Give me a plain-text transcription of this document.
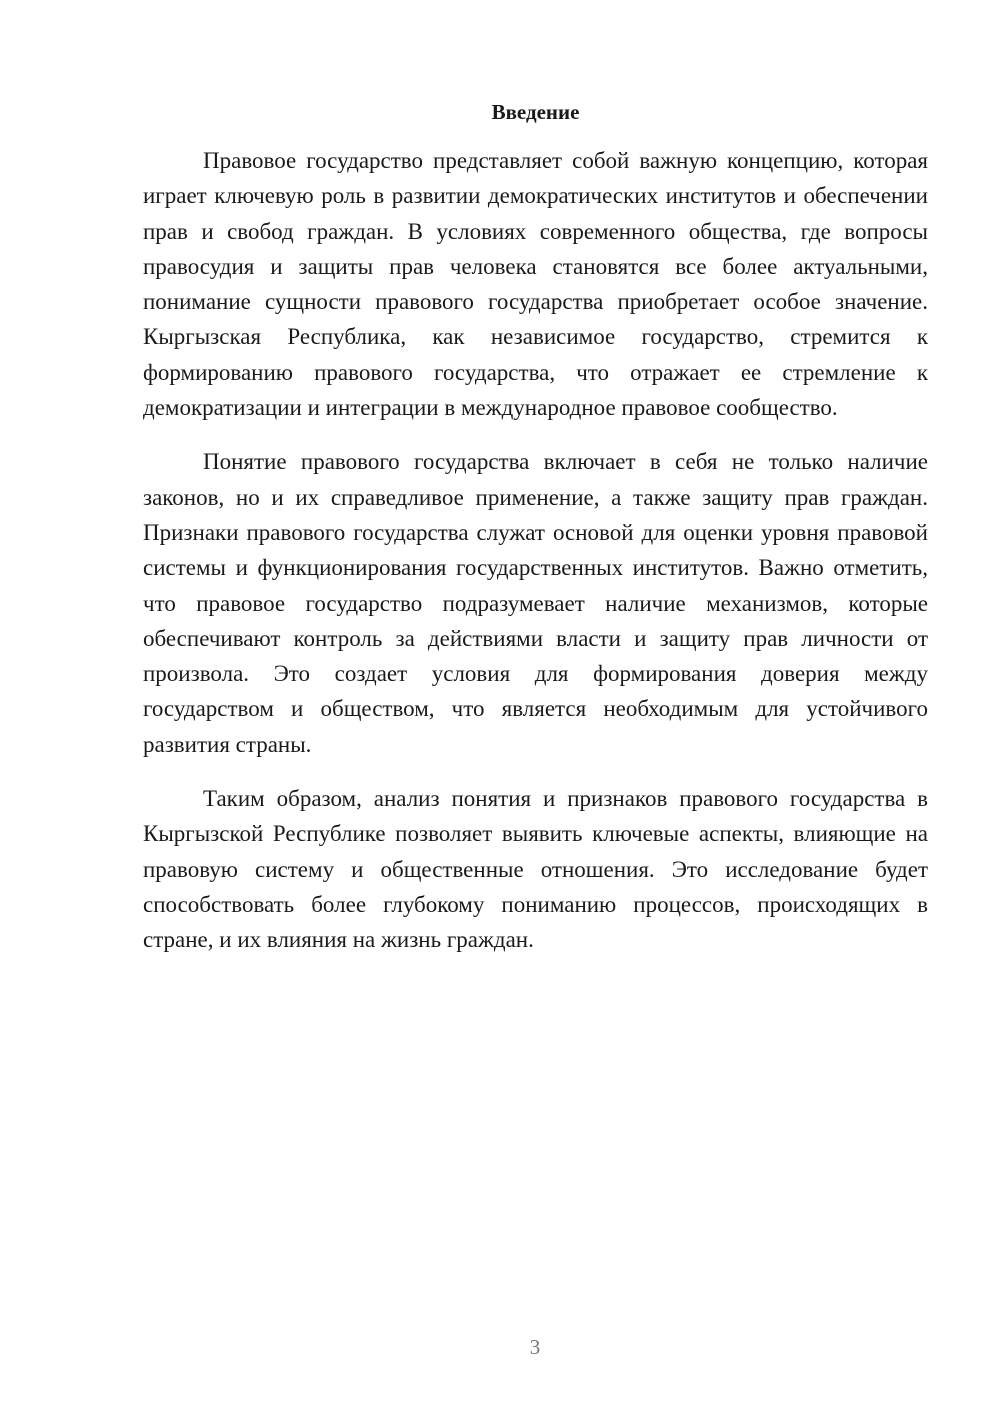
Введение

Правовое государство представляет собой важную концепцию, которая играет ключевую роль в развитии демократических институтов и обеспечении прав и свобод граждан. В условиях современного общества, где вопросы правосудия и защиты прав человека становятся все более актуальными, понимание сущности правового государства приобретает особое значение. Кыргызская Республика, как независимое государство, стремится к формированию правового государства, что отражает ее стремление к демократизации и интеграции в международное правовое сообщество.

Понятие правового государства включает в себя не только наличие законов, но и их справедливое применение, а также защиту прав граждан. Признаки правового государства служат основой для оценки уровня правовой системы и функционирования государственных институтов. Важно отметить, что правовое государство подразумевает наличие механизмов, которые обеспечивают контроль за действиями власти и защиту прав личности от произвола. Это создает условия для формирования доверия между государством и обществом, что является необходимым для устойчивого развития страны.

Таким образом, анализ понятия и признаков правового государства в Кыргызской Республике позволяет выявить ключевые аспекты, влияющие на правовую систему и общественные отношения. Это исследование будет способствовать более глубокому пониманию процессов, происходящих в стране, и их влияния на жизнь граждан.

3
